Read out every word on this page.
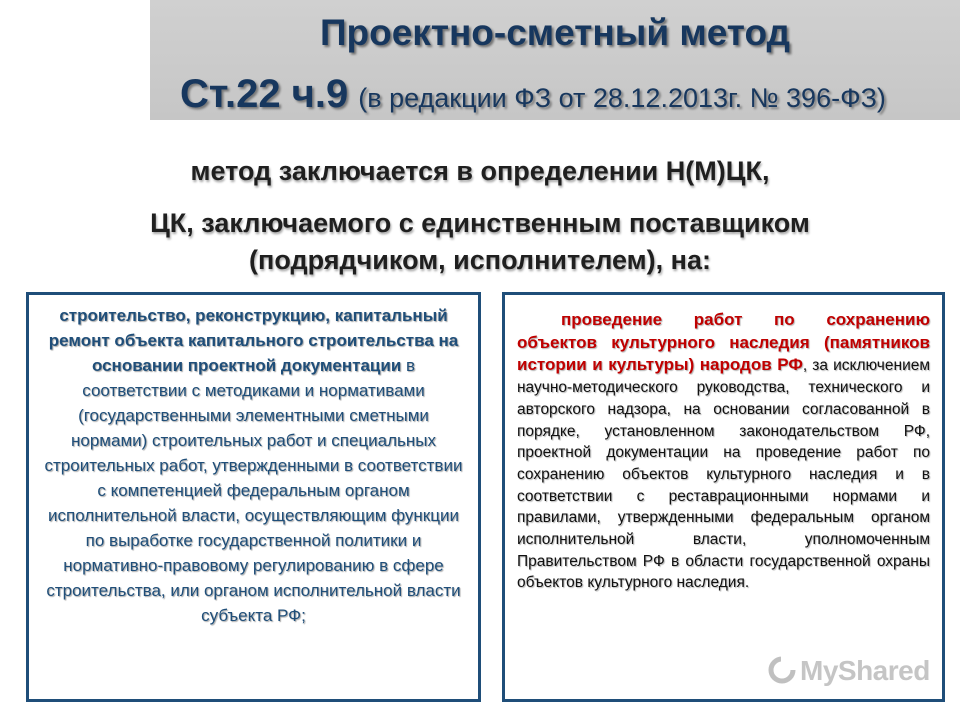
Проектно-сметный метод
Ст.22 ч.9 (в редакции ФЗ от 28.12.2013г. № 396-ФЗ)
метод заключается в определении Н(М)ЦК,
ЦК, заключаемого с единственным поставщиком
(подрядчиком, исполнителем), на:
строительство, реконструкцию, капитальный ремонт объекта капитального строительства на основании проектной документации в соответствии с методиками и нормативами (государственными элементными сметными нормами) строительных работ и специальных строительных работ, утвержденными в соответствии с компетенцией федеральным органом исполнительной власти, осуществляющим функции по выработке государственной политики и нормативно-правовому регулированию в сфере строительства, или органом исполнительной власти субъекта РФ;
проведение работ по сохранению объектов культурного наследия (памятников истории и культуры) народов РФ, за исключением научно-методического руководства, технического и авторского надзора, на основании согласованной в порядке, установленном законодательством РФ, проектной документации на проведение работ по сохранению объектов культурного наследия и в соответствии с реставрационными нормами и правилами, утвержденными федеральным органом исполнительной власти, уполномоченным Правительством РФ в области государственной охраны объектов культурного наследия.
MyShared
